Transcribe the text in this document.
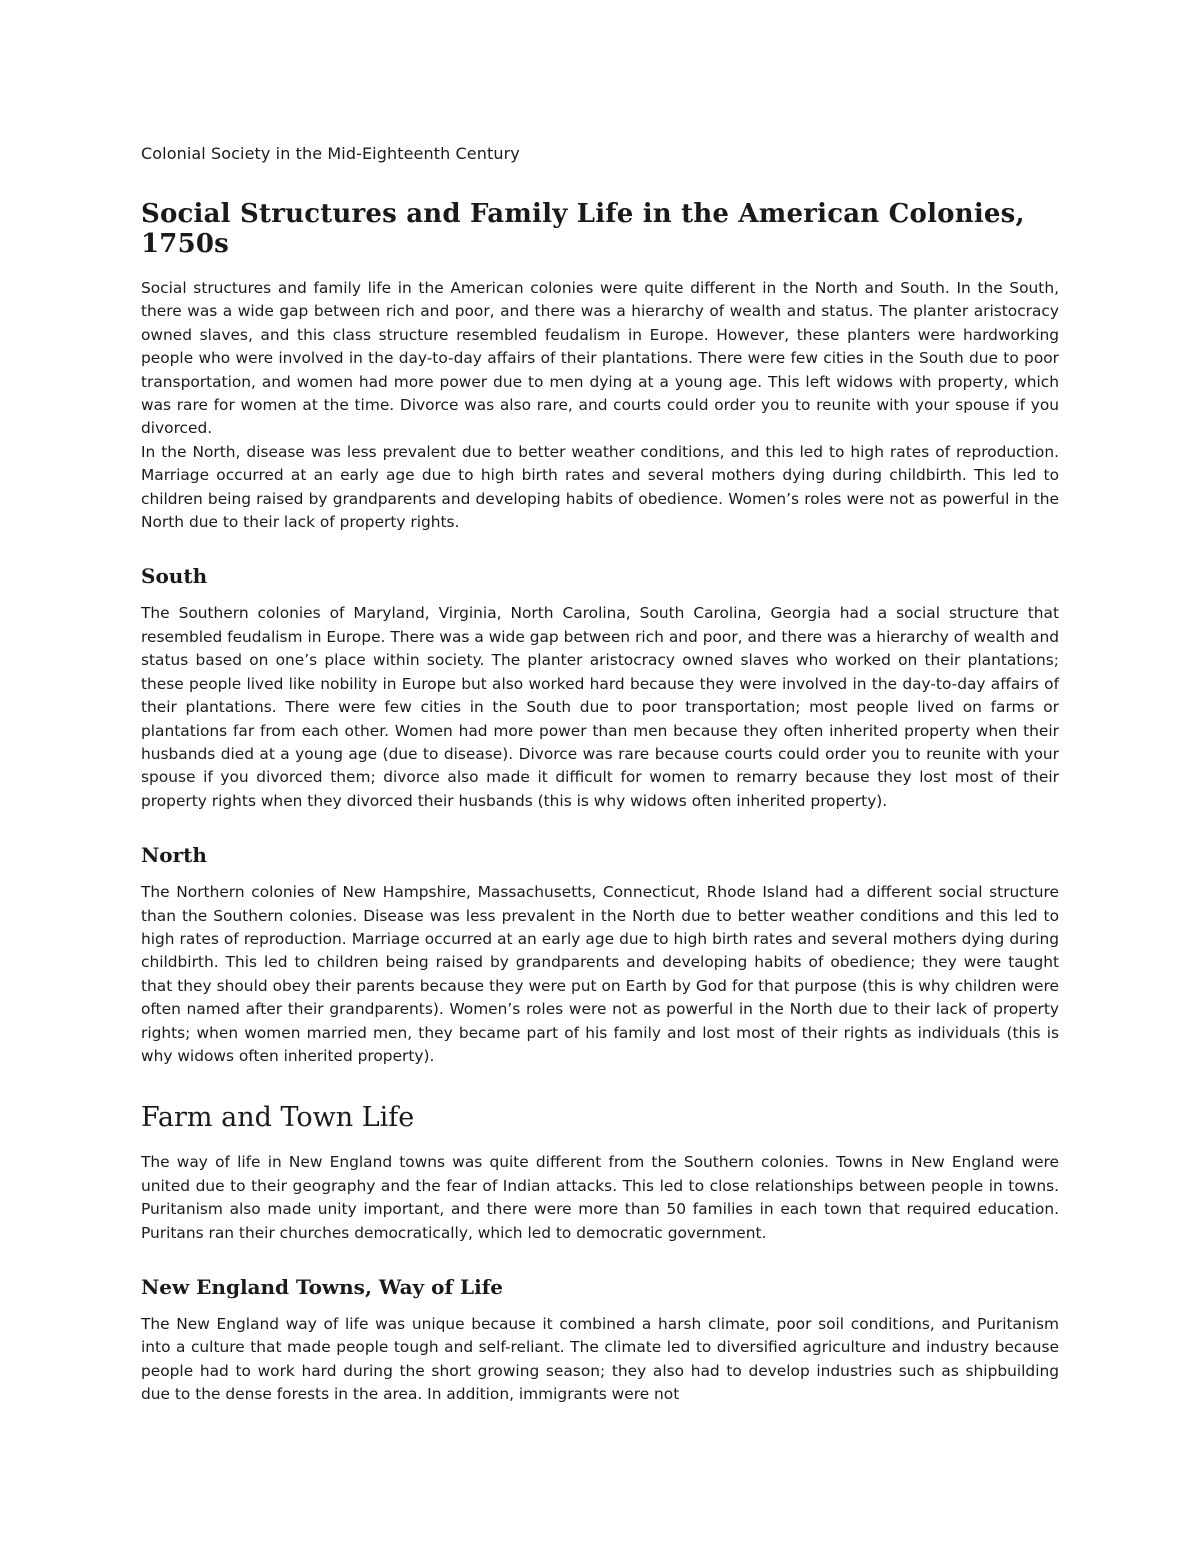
Colonial Society in the Mid-Eighteenth Century
Social Structures and Family Life in the American Colonies, 1750s

Social structures and family life in the American colonies were quite different in the North and South. In the South, there was a wide gap between rich and poor, and there was a hierarchy of wealth and status. The planter aristocracy owned slaves, and this class structure resembled feudalism in Europe. However, these planters were hardworking people who were involved in the day-to-day affairs of their plantations. There were few cities in the South due to poor transportation, and women had more power due to men dying at a young age. This left widows with property, which was rare for women at the time. Divorce was also rare, and courts could order you to reunite with your spouse if you divorced.

In the North, disease was less prevalent due to better weather conditions, and this led to high rates of reproduction. Marriage occurred at an early age due to high birth rates and several mothers dying during childbirth. This led to children being raised by grandparents and developing habits of obedience. Women’s roles were not as powerful in the North due to their lack of property rights.

South

The Southern colonies of Maryland, Virginia, North Carolina, South Carolina, Georgia had a social structure that resembled feudalism in Europe. There was a wide gap between rich and poor, and there was a hierarchy of wealth and status based on one’s place within society. The planter aristocracy owned slaves who worked on their plantations; these people lived like nobility in Europe but also worked hard because they were involved in the day-to-day affairs of their plantations. There were few cities in the South due to poor transportation; most people lived on farms or plantations far from each other. Women had more power than men because they often inherited property when their husbands died at a young age (due to disease). Divorce was rare because courts could order you to reunite with your spouse if you divorced them; divorce also made it difficult for women to remarry because they lost most of their property rights when they divorced their husbands (this is why widows often inherited property).

North

The Northern colonies of New Hampshire, Massachusetts, Connecticut, Rhode Island had a different social structure than the Southern colonies. Disease was less prevalent in the North due to better weather conditions and this led to high rates of reproduction. Marriage occurred at an early age due to high birth rates and several mothers dying during childbirth. This led to children being raised by grandparents and developing habits of obedience; they were taught that they should obey their parents because they were put on Earth by God for that purpose (this is why children were often named after their grandparents). Women’s roles were not as powerful in the North due to their lack of property rights; when women married men, they became part of his family and lost most of their rights as individuals (this is why widows often inherited property).

Farm and Town Life

The way of life in New England towns was quite different from the Southern colonies. Towns in New England were united due to their geography and the fear of Indian attacks. This led to close relationships between people in towns. Puritanism also made unity important, and there were more than 50 families in each town that required education. Puritans ran their churches democratically, which led to democratic government.

New England Towns, Way of Life

The New England way of life was unique because it combined a harsh climate, poor soil conditions, and Puritanism into a culture that made people tough and self-reliant. The climate led to diversified agriculture and industry because people had to work hard during the short growing season; they also had to develop industries such as shipbuilding due to the dense forests in the area. In addition, immigrants were not
